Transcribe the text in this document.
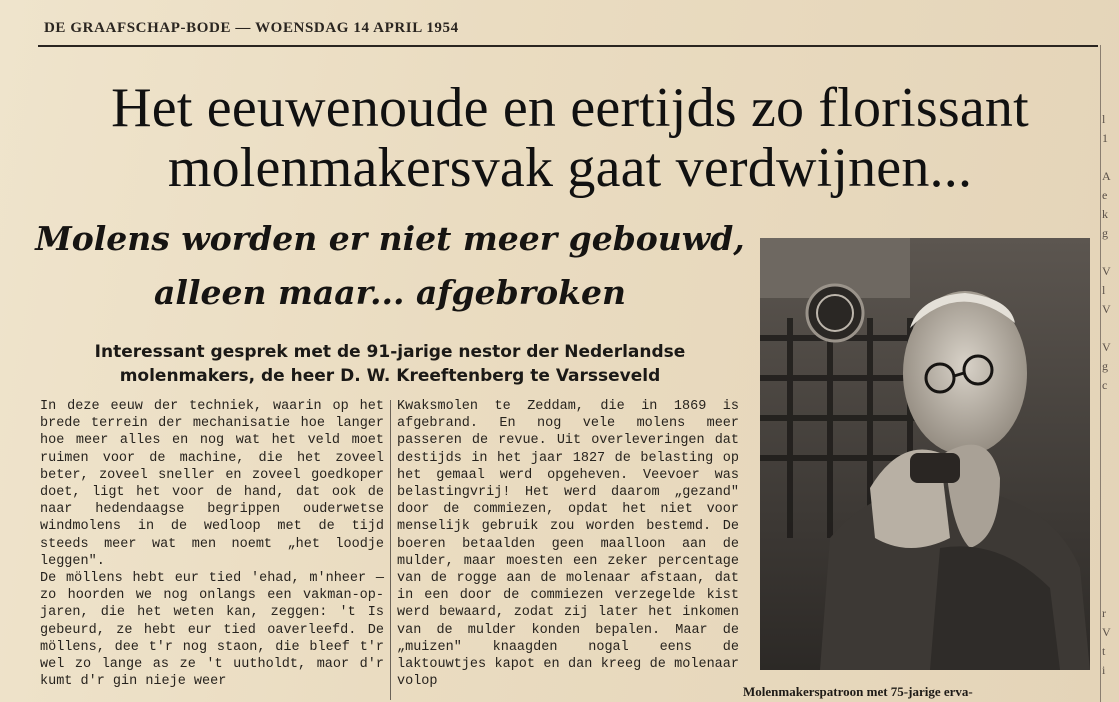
DE GRAAFSCHAP-BODE — WOENSDAG 14 APRIL 1954
Het eeuwenoude en eertijds zo florissant
molenmakersvak gaat verdwijnen...
Molens worden er niet meer gebouwd,
alleen maar... afgebroken
Interessant gesprek met de 91-jarige nestor der Nederlandse
molenmakers, de heer D. W. Kreeftenberg te Varsseveld
In deze eeuw der techniek, waarin op het brede terrein der mechanisatie hoe langer hoe meer alles en nog wat het veld moet ruimen voor de machine, die het zoveel beter, zoveel sneller en zoveel goedkoper doet, ligt het voor de hand, dat ook de naar hedendaagse begrippen ouderwetse windmolens in de wedloop met de tijd steeds meer wat men noemt „het loodje leggen".
De möllens hebt eur tied 'ehad, m'nheer — zo hoorden we nog onlangs een vakman-op-jaren, die het weten kan, zeggen: 't Is gebeurd, ze hebt eur tied oaverleefd. De möllens, dee t'r nog staon, die bleef t'r wel zo lange as ze 't uutholdt, maor d'r kumt d'r gin nieje weer
Kwaksmolen te Zeddam, die in 1869 is afgebrand. En nog vele molens meer passeren de revue. Uit overleveringen dat destijds in het jaar 1827 de belasting op het gemaal werd opgeheven. Veevoer was belastingvrij! Het werd daarom „gezand" door de commiezen, opdat het niet voor menselijk gebruik zou worden bestemd. De boeren betaalden geen maalloon aan de mulder, maar moesten een zeker percentage van de rogge aan de molenaar afstaan, dat in een door de commiezen verzegelde kist werd bewaard, zodat zij later het inkomen van de mulder konden bepalen. Maar de „muizen" knaagden nogal eens de laktouwtjes kapot en dan kreeg de molenaar volop
Molenmakerspatroon met 75-jarige erva-
l
1

A
e
k
g

V
l
V

V
g
c

r
V
t
i
